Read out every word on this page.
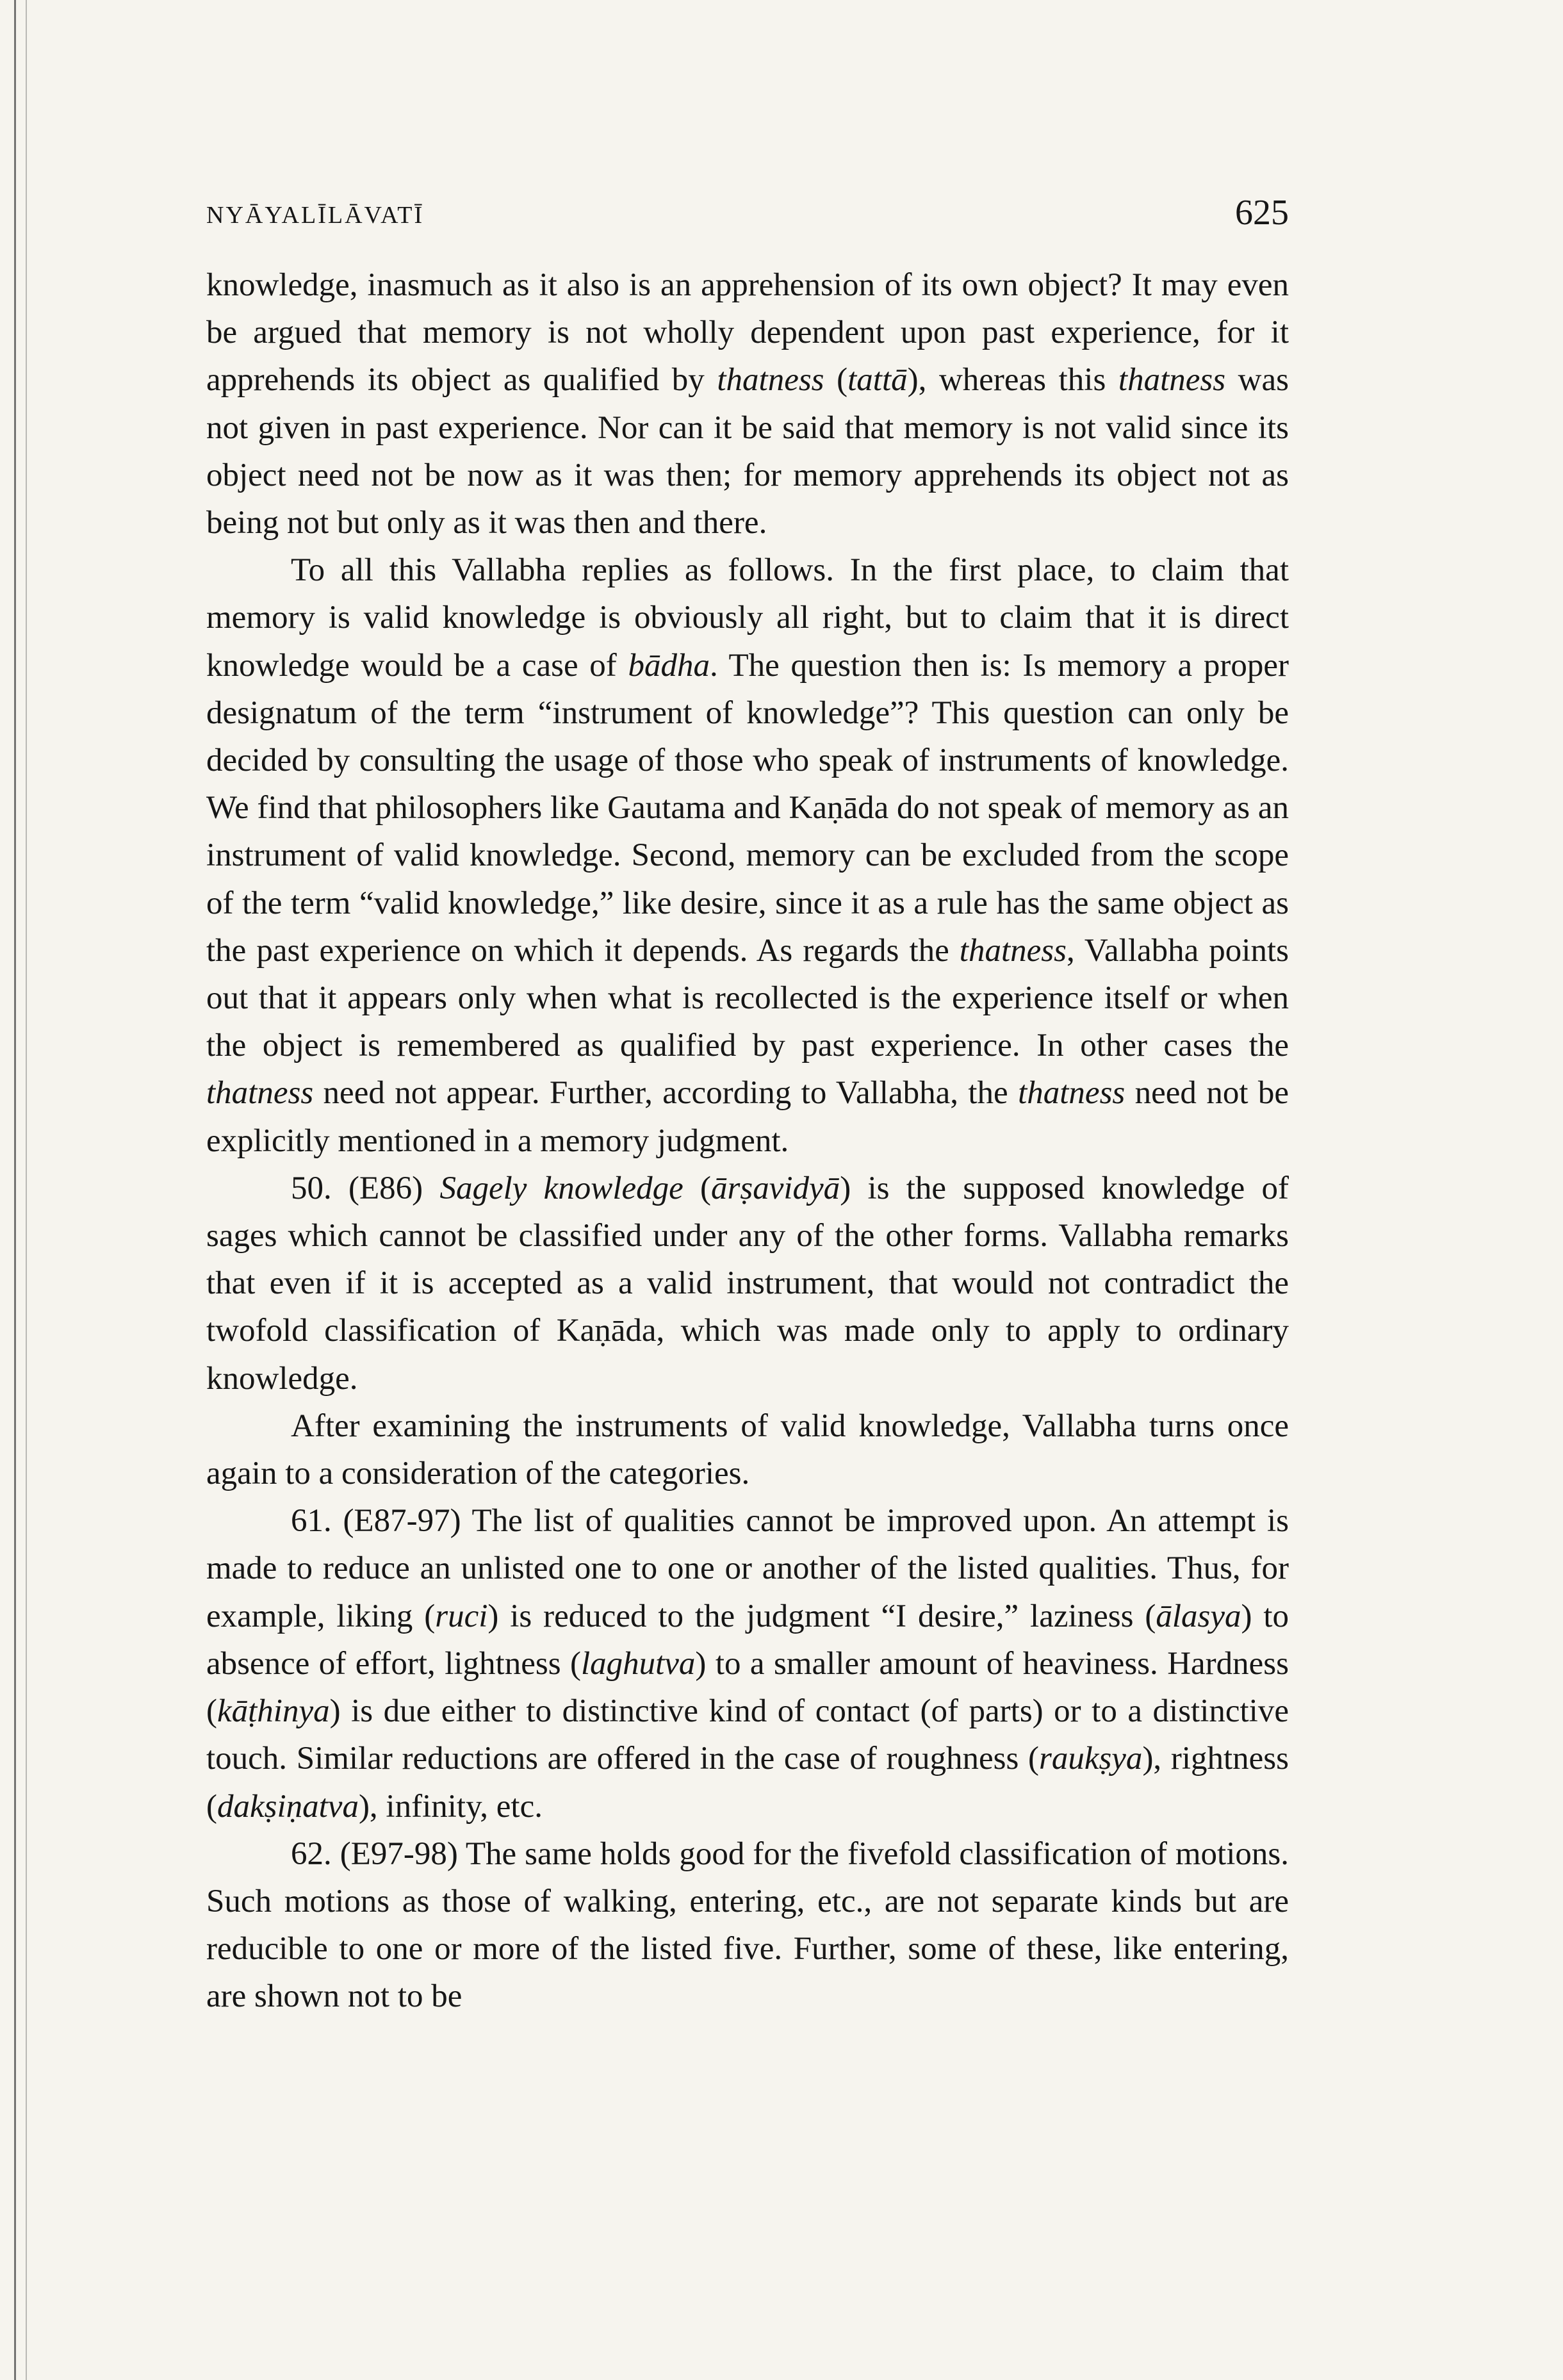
NYĀYALĪLĀVATĪ	625

knowledge, inasmuch as it also is an apprehension of its own object? It may even be argued that memory is not wholly dependent upon past experience, for it apprehends its object as qualified by thatness (tattā), whereas this thatness was not given in past experience. Nor can it be said that memory is not valid since its object need not be now as it was then; for memory apprehends its object not as being not but only as it was then and there.

To all this Vallabha replies as follows. In the first place, to claim that memory is valid knowledge is obviously all right, but to claim that it is direct knowledge would be a case of bādha. The question then is: Is memory a proper designatum of the term “instrument of knowledge”? This question can only be decided by consulting the usage of those who speak of instruments of knowledge. We find that philosophers like Gautama and Kaṇāda do not speak of memory as an instrument of valid knowledge. Second, memory can be excluded from the scope of the term “valid knowledge,” like desire, since it as a rule has the same object as the past experience on which it depends. As regards the thatness, Vallabha points out that it appears only when what is recollected is the experience itself or when the object is remembered as qualified by past experience. In other cases the thatness need not appear. Further, according to Vallabha, the thatness need not be explicitly mentioned in a memory judgment.

50. (E86) Sagely knowledge (ārṣavidyā) is the supposed knowledge of sages which cannot be classified under any of the other forms. Vallabha remarks that even if it is accepted as a valid instrument, that would not contradict the twofold classification of Kaṇāda, which was made only to apply to ordinary knowledge.

After examining the instruments of valid knowledge, Vallabha turns once again to a consideration of the categories.

61. (E87-97) The list of qualities cannot be improved upon. An attempt is made to reduce an unlisted one to one or another of the listed qualities. Thus, for example, liking (ruci) is reduced to the judgment “I desire,” laziness (ālasya) to absence of effort, lightness (laghutva) to a smaller amount of heaviness. Hardness (kāṭhinya) is due either to distinctive kind of contact (of parts) or to a distinctive touch. Similar reductions are offered in the case of roughness (raukṣya), rightness (dakṣiṇatva), infinity, etc.

62. (E97-98) The same holds good for the fivefold classification of motions. Such motions as those of walking, entering, etc., are not separate kinds but are reducible to one or more of the listed five. Further, some of these, like entering, are shown not to be
